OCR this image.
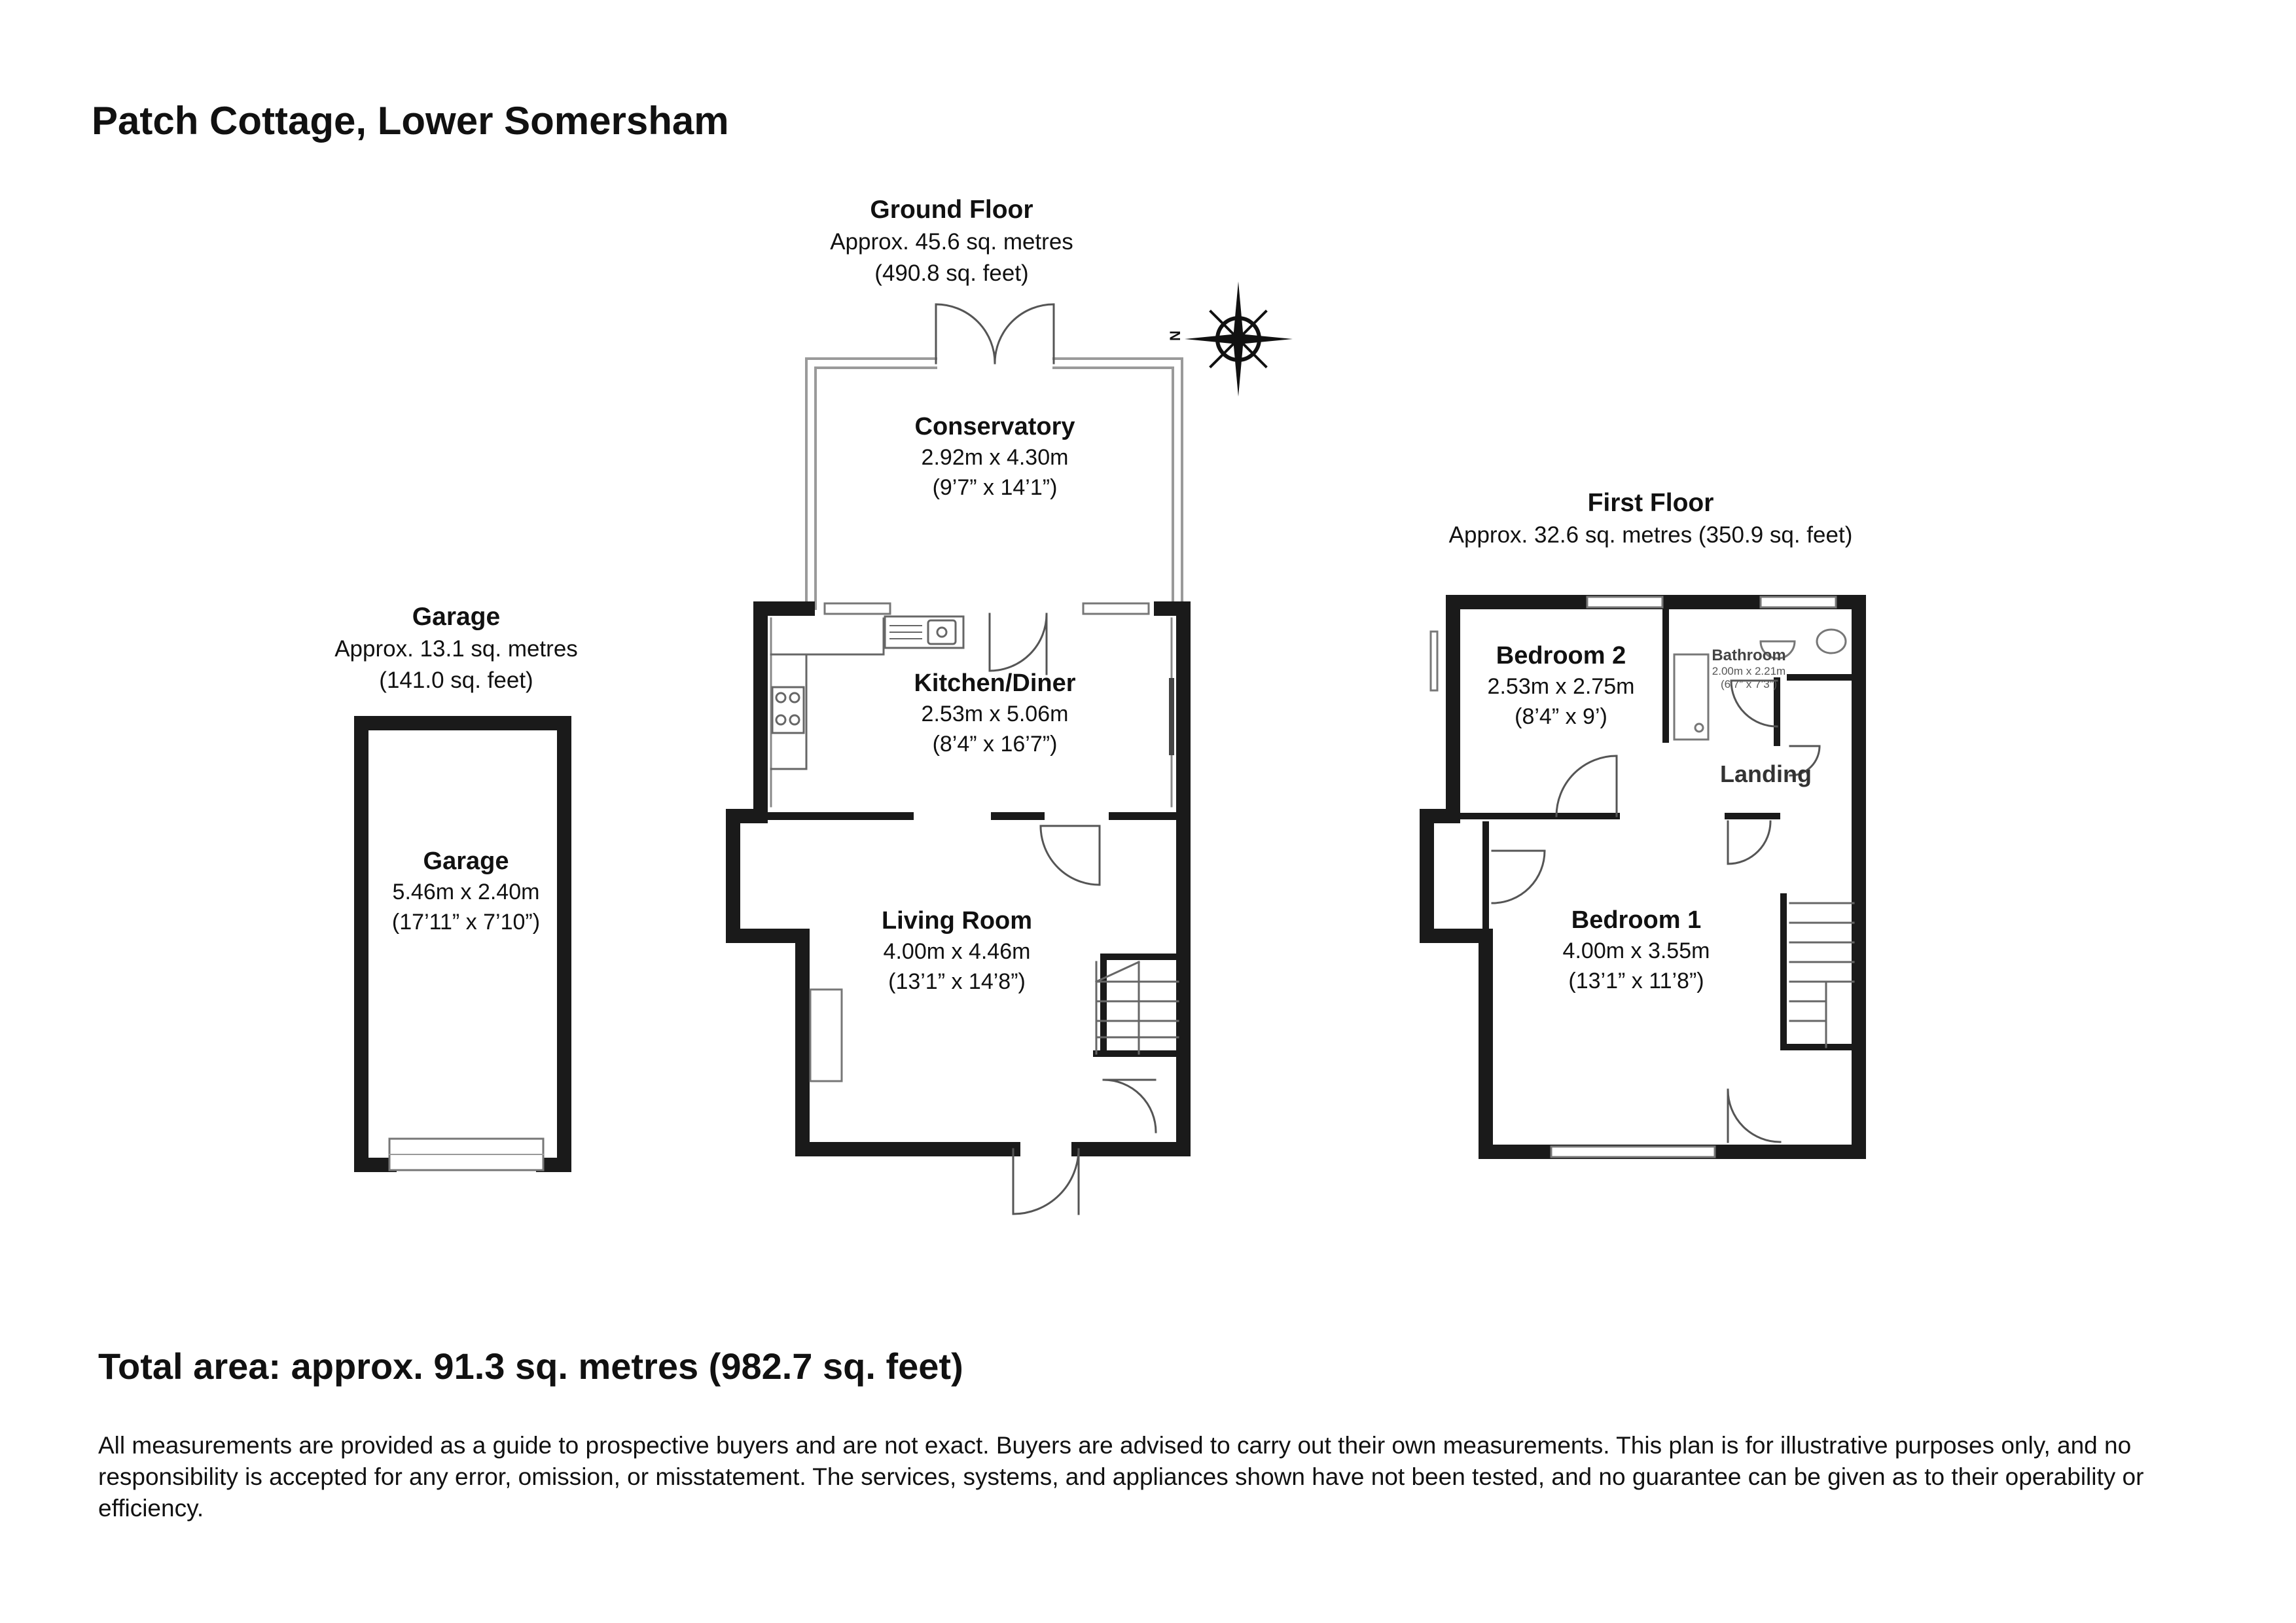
Patch Cottage, Lower Somersham
N
Ground Floor
Approx. 45.6 sq. metres
(490.8 sq. feet)
First Floor
Approx. 32.6 sq. metres (350.9 sq. feet)
Garage
Approx. 13.1 sq. metres
(141.0 sq. feet)
Conservatory
2.92m x 4.30m
(9’7” x 14’1”)
Kitchen/Diner
2.53m x 5.06m
(8’4” x 16’7”)
Living Room
4.00m x 4.46m
(13’1” x 14’8”)
Garage
5.46m x 2.40m
(17’11” x 7’10”)
Bedroom 2
2.53m x 2.75m
(8’4” x 9’)
Bathroom
2.00m x 2.21m
(6’7” x 7’3”)
Landing
Bedroom 1
4.00m x 3.55m
(13’1” x 11’8”)
Total area: approx. 91.3 sq. metres (982.7 sq. feet)
All measurements are provided as a guide to prospective buyers and are not exact. Buyers are advised to carry out their own measurements. This plan is for illustrative purposes only, and no responsibility is accepted for any error, omission, or misstatement. The services, systems, and appliances shown have not been tested, and no guarantee can be given as to their operability or efficiency.
